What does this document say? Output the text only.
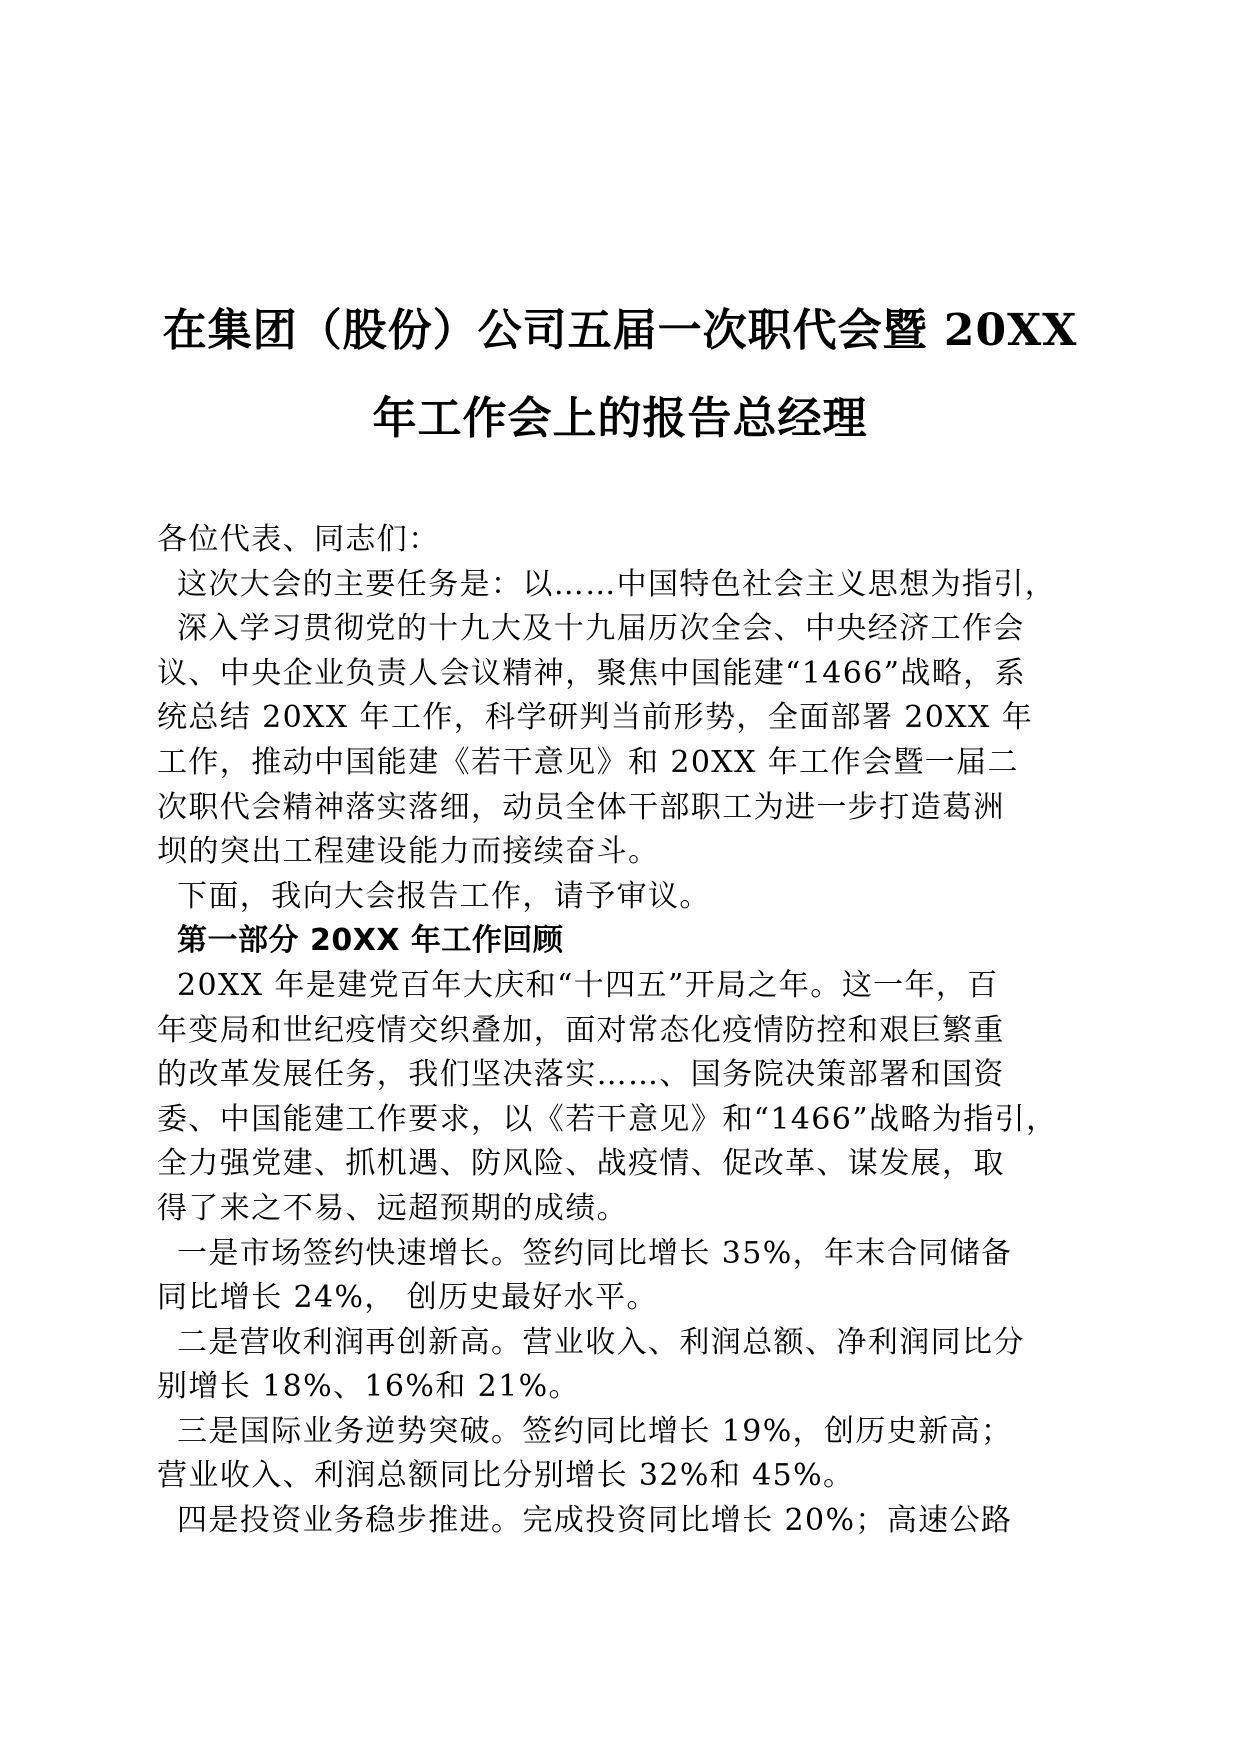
在集团（股份）公司五届一次职代会暨 20XX
年工作会上的报告总经理
各位代表、同志们：
这次大会的主要任务是：以……中国特色社会主义思想为指引，
深入学习贯彻党的十九大及十九届历次全会、中央经济工作会
议、中央企业负责人会议精神，聚焦中国能建“1466”战略，系
统总结 20XX 年工作，科学研判当前形势，全面部署 20XX 年
工作，推动中国能建《若干意见》和 20XX 年工作会暨一届二
次职代会精神落实落细，动员全体干部职工为进一步打造葛洲
坝的突出工程建设能力而接续奋斗。
下面，我向大会报告工作，请予审议。
第一部分 20XX 年工作回顾
20XX 年是建党百年大庆和“十四五”开局之年。这一年，百
年变局和世纪疫情交织叠加，面对常态化疫情防控和艰巨繁重
的改革发展任务，我们坚决落实……、国务院决策部署和国资
委、中国能建工作要求，以《若干意见》和“1466”战略为指引，
全力强党建、抓机遇、防风险、战疫情、促改革、谋发展，取
得了来之不易、远超预期的成绩。
一是市场签约快速增长。签约同比增长 35%，年末合同储备
同比增长 24%， 创历史最好水平。
二是营收利润再创新高。营业收入、利润总额、净利润同比分
别增长 18%、16%和 21%。
三是国际业务逆势突破。签约同比增长 19%，创历史新高；
营业收入、利润总额同比分别增长 32%和 45%。
四是投资业务稳步推进。完成投资同比增长 20%；高速公路
